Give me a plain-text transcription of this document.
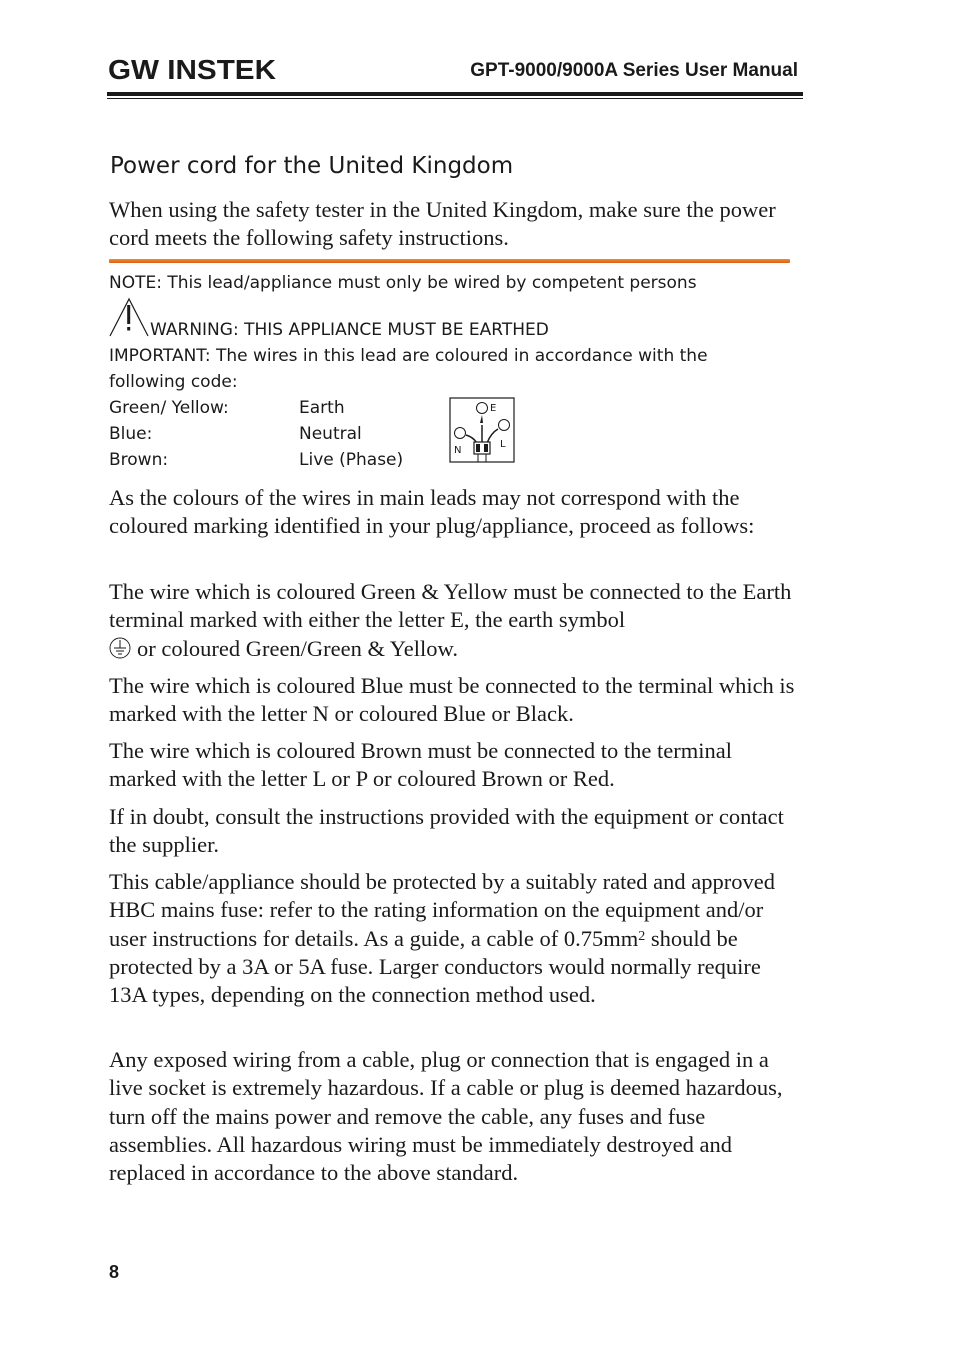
GW INSTEK	GPT-9000/9000A Series User Manual
Power cord for the United Kingdom

When using the safety tester in the United Kingdom, make sure the power cord meets the following safety instructions.

NOTE: This lead/appliance must only be wired by competent persons
WARNING: THIS APPLIANCE MUST BE EARTHED
IMPORTANT: The wires in this lead are coloured in accordance with the
following code:
Green/ Yellow:	Earth
Blue:	Neutral
Brown:	Live (Phase)
E
N
L

As the colours of the wires in main leads may not correspond with the coloured marking identified in your plug/appliance, proceed as follows:

The wire which is coloured Green & Yellow must be connected to the Earth terminal marked with either the letter E, the earth symbol
or coloured Green/Green & Yellow.

The wire which is coloured Blue must be connected to the terminal which is marked with the letter N or coloured Blue or Black.

The wire which is coloured Brown must be connected to the terminal marked with the letter L or P or coloured Brown or Red.

If in doubt, consult the instructions provided with the equipment or contact the supplier.

This cable/appliance should be protected by a suitably rated and approved HBC mains fuse: refer to the rating information on the equipment and/or user instructions for details. As a guide, a cable of $0.75mm^2$ should be protected by a 3A or 5A fuse. Larger conductors would normally require 13A types, depending on the connection method used.

Any exposed wiring from a cable, plug or connection that is engaged in a live socket is extremely hazardous. If a cable or plug is deemed hazardous, turn off the mains power and remove the cable, any fuses and fuse assemblies. All hazardous wiring must be immediately destroyed and replaced in accordance to the above standard.

8
